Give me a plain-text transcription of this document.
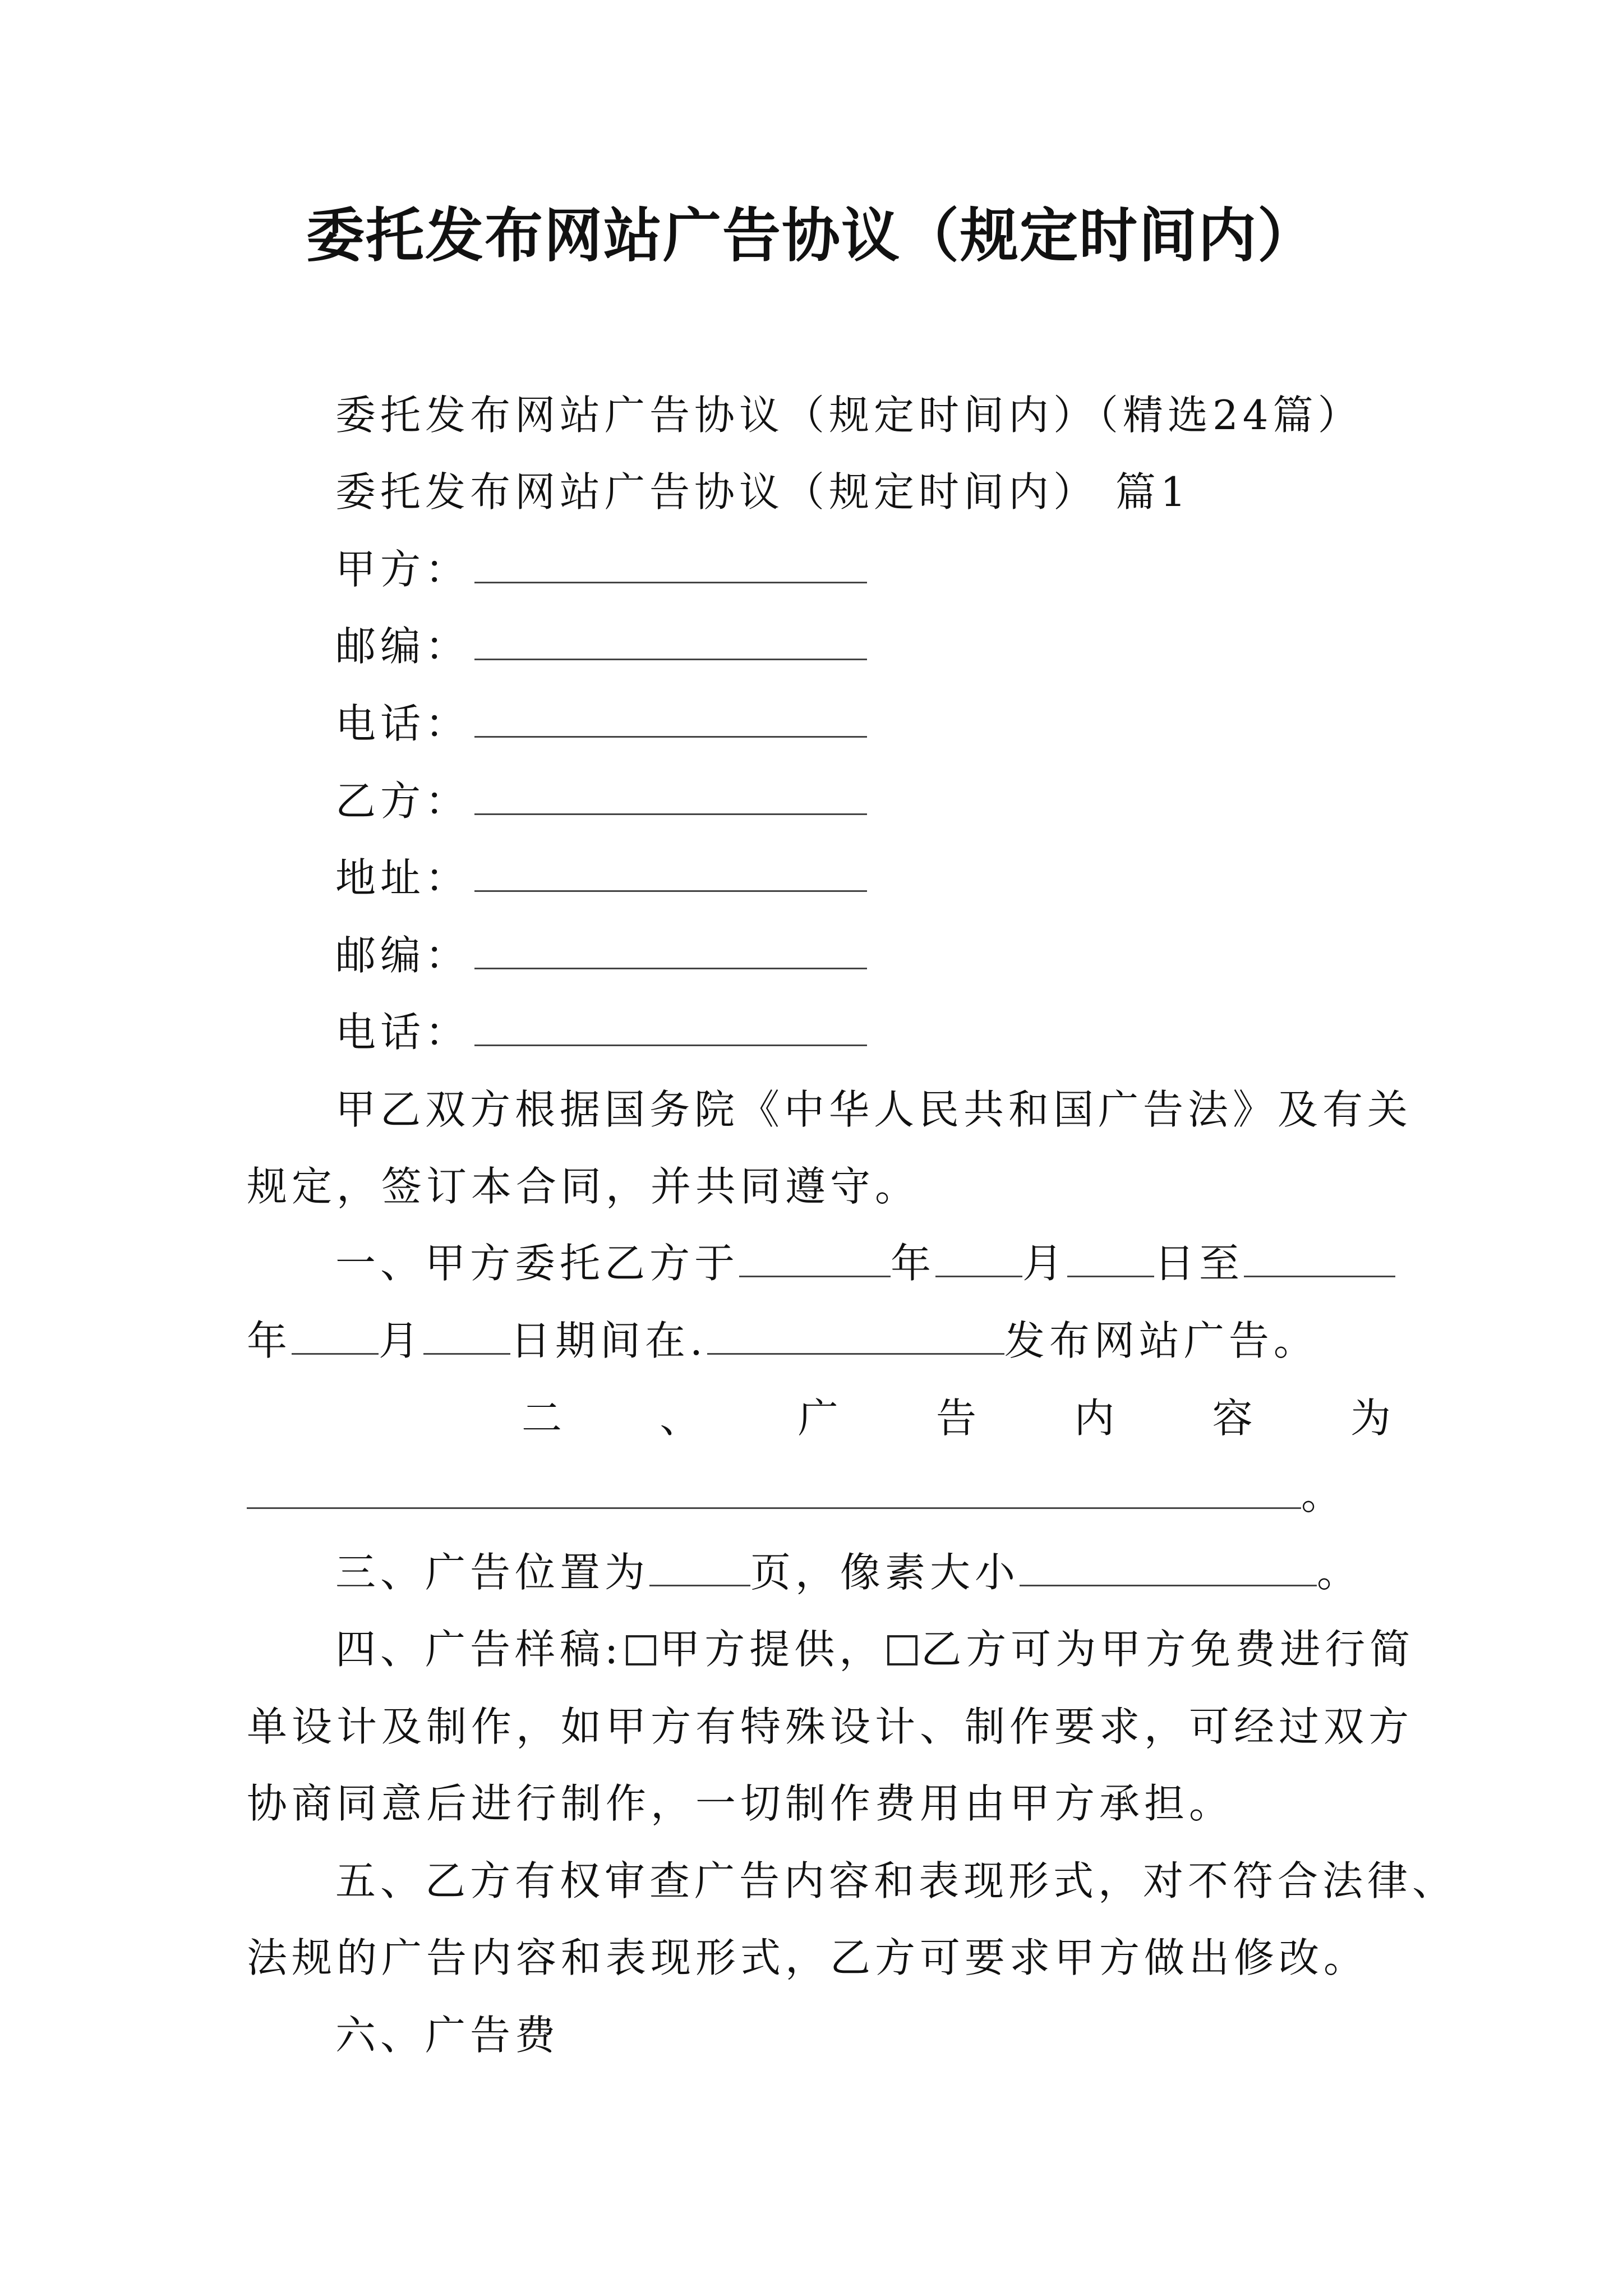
委托发布网站广告协议（规定时间内）
委托发布网站广告协议（规定时间内）（精选24篇）
委托发布网站广告协议（规定时间内） 篇1
甲方：
邮编：
电话：
乙方：
地址：
邮编：
电话：
甲乙双方根据国务院《中华人民共和国广告法》及有关
规定，签订本合同，并共同遵守。
一、甲方委托乙方于	年 月 日至
年 月 日期间在.	发布网站广告。
二 、 广 告 内 容 为
。
三、广告位置为	页，像素大小	。
四、广告样稿: 甲方提供， 乙方可为甲方免费进行简
单设计及制作，如甲方有特殊设计、制作要求，可经过双方
协商同意后进行制作，一切制作费用由甲方承担。
五、乙方有权审查广告内容和表现形式，对不符合法律、
法规的广告内容和表现形式，乙方可要求甲方做出修改。
六、广告费
